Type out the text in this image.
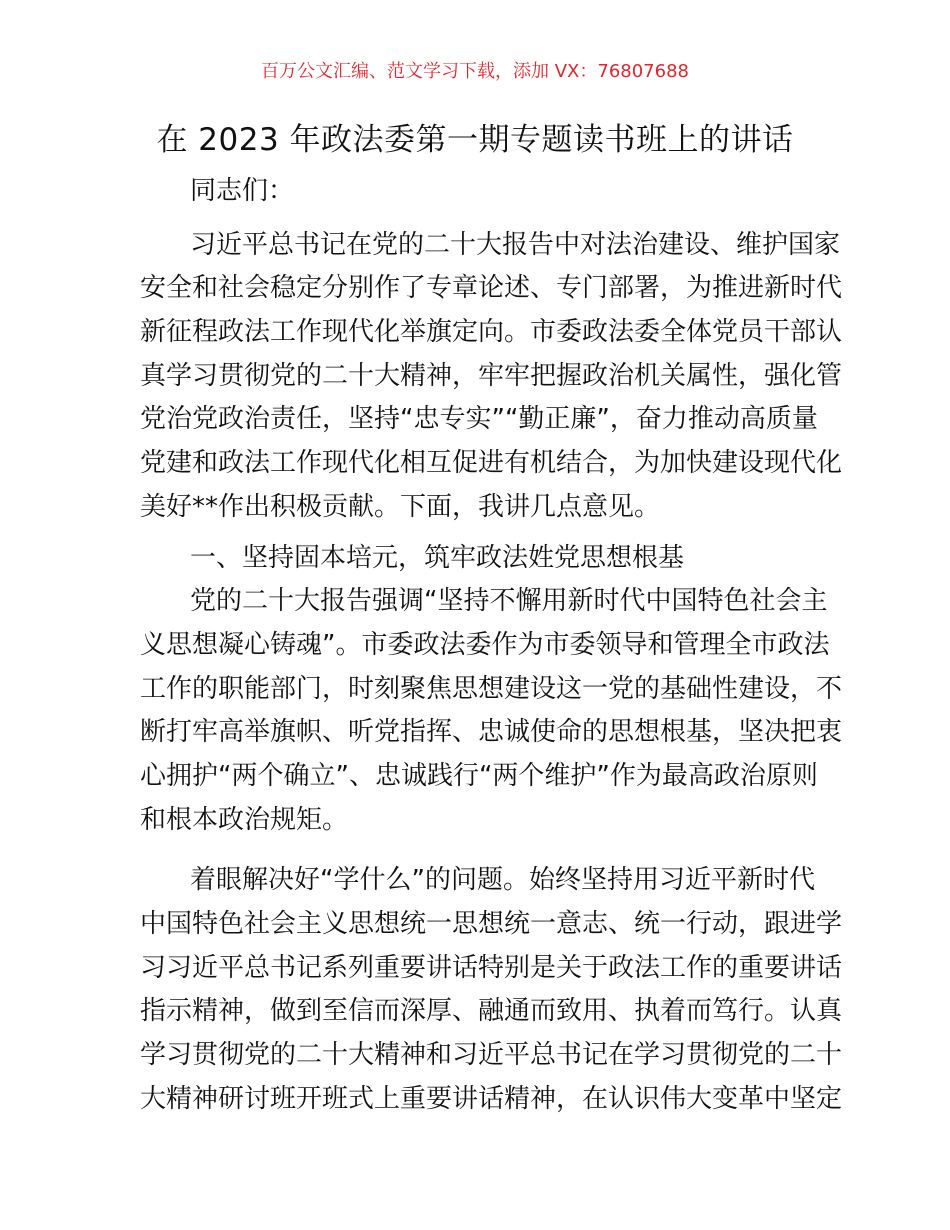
百万公文汇编、范文学习下载，添加 VX：76807688
在 2023 年政法委第一期专题读书班上的讲话
同志们：
习近平总书记在党的二十大报告中对法治建设、维护国家
安全和社会稳定分别作了专章论述、专门部署，为推进新时代
新征程政法工作现代化举旗定向。市委政法委全体党员干部认
真学习贯彻党的二十大精神，牢牢把握政治机关属性，强化管
党治党政治责任，坚持“忠专实”“勤正廉”，奋力推动高质量
党建和政法工作现代化相互促进有机结合，为加快建设现代化
美好**作出积极贡献。下面，我讲几点意见。
一、坚持固本培元，筑牢政法姓党思想根基
党的二十大报告强调“坚持不懈用新时代中国特色社会主
义思想凝心铸魂”。市委政法委作为市委领导和管理全市政法
工作的职能部门，时刻聚焦思想建设这一党的基础性建设，不
断打牢高举旗帜、听党指挥、忠诚使命的思想根基，坚决把衷
心拥护“两个确立”、忠诚践行“两个维护”作为最高政治原则
和根本政治规矩。
着眼解决好“学什么”的问题。始终坚持用习近平新时代
中国特色社会主义思想统一思想统一意志、统一行动，跟进学
习习近平总书记系列重要讲话特别是关于政法工作的重要讲话
指示精神，做到至信而深厚、融通而致用、执着而笃行。认真
学习贯彻党的二十大精神和习近平总书记在学习贯彻党的二十
大精神研讨班开班式上重要讲话精神，在认识伟大变革中坚定
